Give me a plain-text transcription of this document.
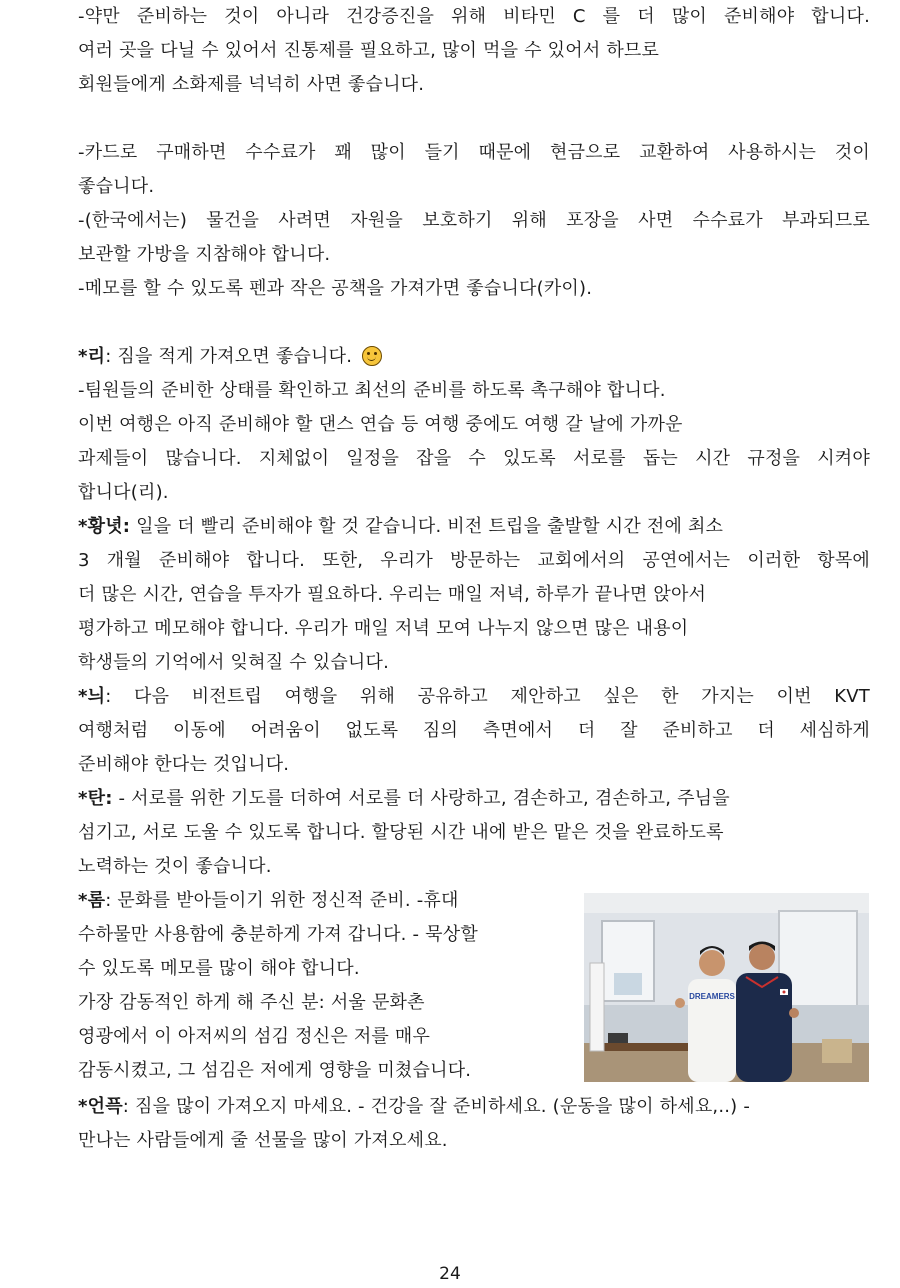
-약만 준비하는 것이 아니라 건강증진을 위해 비타민 C 를 더 많이 준비해야 합니다.
여러 곳을 다닐 수 있어서 진통제를 필요하고, 많이 먹을 수 있어서 하므로
회원들에게 소화제를 넉넉히 사면 좋습니다.
-카드로 구매하면 수수료가 꽤 많이 들기 때문에 현금으로 교환하여 사용하시는 것이
좋습니다.
-(한국에서는) 물건을 사려면 자원을 보호하기 위해 포장을 사면 수수료가 부과되므로
보관할 가방을 지참해야 합니다.
-메모를 할 수 있도록 펜과 작은 공책을 가져가면 좋습니다(카이).
*리: 짐을 적게 가져오면 좋습니다.
-팀원들의 준비한 상태를 확인하고 최선의 준비를 하도록 촉구해야 합니다.
이번 여행은 아직 준비해야 할 댄스 연습 등 여행 중에도 여행 갈 날에 가까운
과제들이 많습니다. 지체없이 일정을 잡을 수 있도록 서로를 돕는 시간 규정을 시켜야
합니다(리).
*황녓: 일을 더 빨리 준비해야 할 것 같습니다. 비전 트립을 출발할 시간 전에 최소
3 개월 준비해야 합니다. 또한, 우리가 방문하는 교회에서의 공연에서는 이러한 항목에
더 많은 시간, 연습을 투자가 필요하다. 우리는 매일 저녁, 하루가 끝나면 앉아서
평가하고 메모해야 합니다. 우리가 매일 저녁 모여 나누지 않으면 많은 내용이
학생들의 기억에서 잊혀질 수 있습니다.
*늬: 다음 비전트립 여행을 위해 공유하고 제안하고 싶은 한 가지는 이번 KVT
여행처럼 이동에 어려움이 없도록 짐의 측면에서 더 잘 준비하고 더 세심하게
준비해야 한다는 것입니다.
*탄: - 서로를 위한 기도를 더하여 서로를 더 사랑하고, 겸손하고, 겸손하고, 주님을
섬기고, 서로 도울 수 있도록 합니다. 할당된 시간 내에 받은 맡은 것을 완료하도록
노력하는 것이 좋습니다.
*롬: 문화를 받아들이기 위한 정신적 준비. -휴대
수하물만 사용함에 충분하게 가져 갑니다. - 묵상할
수 있도록 메모를 많이 해야 합니다.
가장 감동적인 하게 해 주신 분: 서울 문화촌
영광에서 이 아저씨의 섬김 정신은 저를 매우
감동시켰고, 그 섬김은 저에게 영향을 미쳤습니다.
DREAMERS
*언픅: 짐을 많이 가져오지 마세요. - 건강을 잘 준비하세요. (운동을 많이 하세요,..) -
만나는 사람들에게 줄 선물을 많이 가져오세요.
24
